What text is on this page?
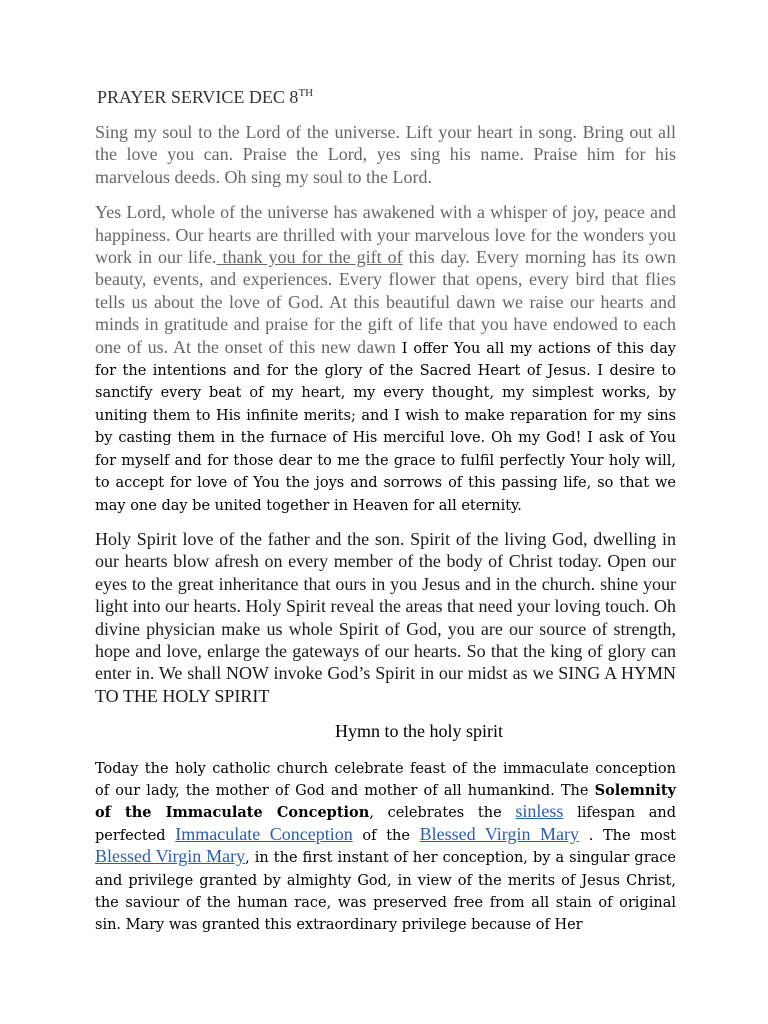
PRAYER SERVICE DEC 8TH

Sing my soul to the Lord of the universe. Lift your heart in song. Bring out all the love you can. Praise the Lord, yes sing his name. Praise him for his marvelous deeds. Oh sing my soul to the Lord.

Yes Lord, whole of the universe has awakened with a whisper of joy, peace and happiness. Our hearts are thrilled with your marvelous love for the wonders you work in our life. thank you for the gift of this day. Every morning has its own beauty, events, and experiences. Every flower that opens, every bird that flies tells us about the love of God. At this beautiful dawn we raise our hearts and minds in gratitude and praise for the gift of life that you have endowed to each one of us. At the onset of this new dawn I offer You all my actions of this day for the intentions and for the glory of the Sacred Heart of Jesus. I desire to sanctify every beat of my heart, my every thought, my simplest works, by uniting them to His infinite merits; and I wish to make reparation for my sins by casting them in the furnace of His merciful love. Oh my God! I ask of You for myself and for those dear to me the grace to fulfil perfectly Your holy will, to accept for love of You the joys and sorrows of this passing life, so that we may one day be united together in Heaven for all eternity.

Holy Spirit love of the father and the son. Spirit of the living God, dwelling in our hearts blow afresh on every member of the body of Christ today. Open our eyes to the great inheritance that ours in you Jesus and in the church. shine your light into our hearts. Holy Spirit reveal the areas that need your loving touch. Oh divine physician make us whole Spirit of God, you are our source of strength, hope and love, enlarge the gateways of our hearts. So that the king of glory can enter in. We shall NOW invoke God’s Spirit in our midst as we SING A HYMN TO THE HOLY SPIRIT

Hymn to the holy spirit

Today the holy catholic church celebrate feast of the immaculate conception of our lady, the mother of God and mother of all humankind. The Solemnity of the Immaculate Conception, celebrates the sinless lifespan and perfected Immaculate Conception of the Blessed Virgin Mary . The most Blessed Virgin Mary, in the first instant of her conception, by a singular grace and privilege granted by almighty God, in view of the merits of Jesus Christ, the saviour of the human race, was preserved free from all stain of original sin. Mary was granted this extraordinary privilege because of Her
